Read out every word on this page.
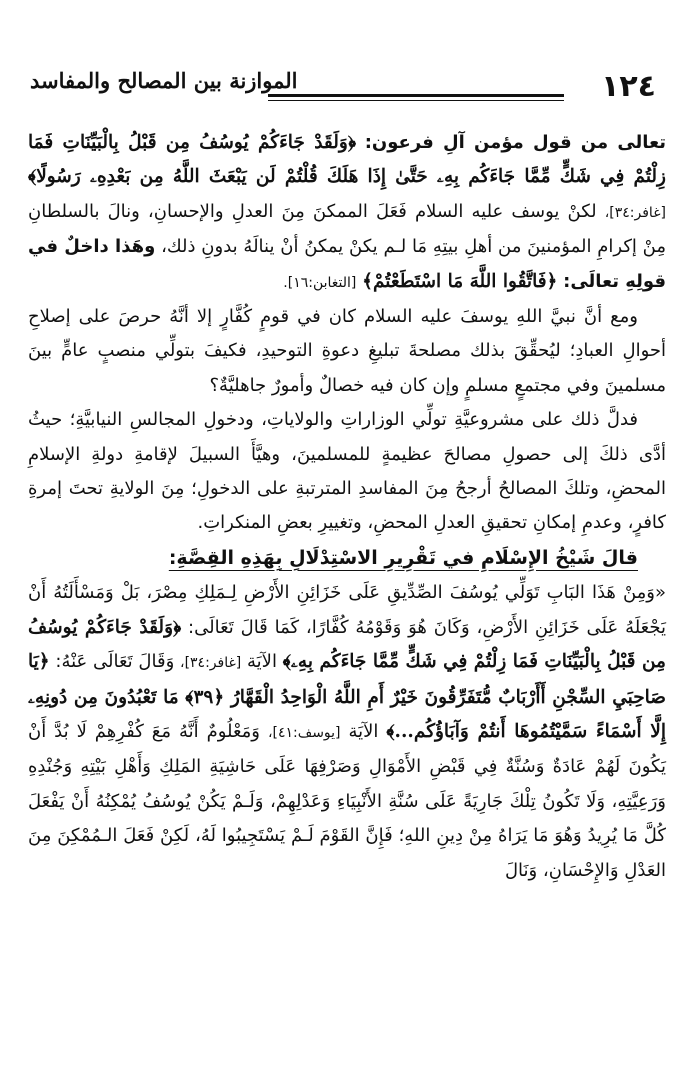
١٢٤
الموازنة بين المصالح والمفاسد

تعالى من قول مؤمن آلِ فرعون: ﴿وَلَقَدْ جَاءَكُمْ يُوسُفُ مِن قَبْلُ بِالْبَيِّنَاتِ فَمَا زِلْتُمْ فِي شَكٍّ مِّمَّا جَاءَكُم بِهِۦ حَتَّىٰ إِذَا هَلَكَ قُلْتُمْ لَن يَبْعَثَ اللَّهُ مِن بَعْدِهِۦ رَسُولًا﴾ [غافر:٣٤]، لكنْ يوسف عليه السلام فَعَلَ الممكنَ مِنَ العدلِ والإحسانِ، ونالَ بالسلطانِ مِنْ إكرامِ المؤمنينَ من أهلِ بيتِهِ مَا لـم يكنْ يمكنُ أنْ ينالَهُ بدونِ ذلك، وهَذا داخلٌ في قولِهِ تعالَى: ﴿فَاتَّقُوا اللَّهَ مَا اسْتَطَعْتُمْ﴾ [التغابن:١٦].

ومع أنَّ نبيَّ اللهِ يوسفَ عليه السلام كان في قومٍ كُفَّارٍ إلا أنَّهُ حرصَ على إصلاحِ أحوالِ العبادِ؛ ليُحقِّقَ بذلك مصلحةَ تبليغِ دعوةِ التوحيدِ، فكيفَ بتولِّي منصبٍ عامٍّ بينَ مسلمينَ وفي مجتمعٍ مسلمٍ وإن كان فيه خصالٌ وأمورٌ جاهليَّةٌ؟

فدلَّ ذلك على مشروعيَّةِ تولِّي الوزاراتِ والولاياتِ، ودخولِ المجالسِ النيابيَّةِ؛ حيثُ أدَّى ذلكَ إلى حصولِ مصالحَ عظيمةٍ للمسلمينَ، وهيَّأَ السبيلَ لإقامةِ دولةِ الإسلامِ المحضِ، وتلكَ المصالحُ أرجحُ مِنَ المفاسدِ المترتبةِ على الدخولِ؛ مِنَ الولايةِ تحتَ إمرةِ كافرٍ، وعدمِ إمكانِ تحقيقِ العدلِ المحضِ، وتغييرِ بعضِ المنكراتِ.

قالَ شَيْخُ الإِسْلَامِ في تَقْرِيرِ الاسْتِدْلَالِ بِهَذِهِ القِصَّةِ:

«وَمِنْ هَذَا البَابِ تَوَلِّي يُوسُفَ الصِّدِّيقِ عَلَى خَزَائِنِ الأَرْضِ لِـمَلِكِ مِصْرَ، بَلْ وَمَسْأَلَتُهُ أَنْ يَجْعَلَهُ عَلَى خَزَائِنِ الأَرْضِ، وَكَانَ هُوَ وَقَوْمُهُ كُفَّارًا، كَمَا قَالَ تَعَالَى: ﴿وَلَقَدْ جَاءَكُمْ يُوسُفُ مِن قَبْلُ بِالْبَيِّنَاتِ فَمَا زِلْتُمْ فِي شَكٍّ مِّمَّا جَاءَكُم بِهِۦ﴾ الآيَة [غافر:٣٤]، وَقَالَ تَعَالَى عَنْهُ: ﴿يَا صَاحِبَيِ السِّجْنِ أَأَرْبَابٌ مُّتَفَرِّقُونَ خَيْرٌ أَمِ اللَّهُ الْوَاحِدُ الْقَهَّارُ ﴿٣٩﴾ مَا تَعْبُدُونَ مِن دُونِهِۦ إِلَّا أَسْمَاءً سَمَّيْتُمُوهَا أَنتُمْ وَآبَاؤُكُم...﴾ الآيَة [يوسف:٤١]، وَمَعْلُومٌ أَنَّهُ مَعَ كُفْرِهِمْ لَا بُدَّ أَنْ يَكُونَ لَهُمْ عَادَةٌ وَسُنَّةٌ فِي قَبْضِ الأَمْوَالِ وَصَرْفِهَا عَلَى حَاشِيَةِ المَلِكِ وَأَهْلِ بَيْتِهِ وَجُنْدِهِ وَرَعِيَّتِهِ، وَلَا تَكُونُ تِلْكَ جَارِيَةً عَلَى سُنَّةِ الأَنْبِيَاءِ وَعَدْلِهِمْ، وَلَـمْ يَكُنْ يُوسُفُ يُمْكِنُهُ أَنْ يَفْعَلَ كُلَّ مَا يُرِيدُ وَهُوَ مَا يَرَاهُ مِنْ دِينِ اللهِ؛ فَإِنَّ القَوْمَ لَـمْ يَسْتَجِيبُوا لَهُ، لَكِنْ فَعَلَ الـمُمْكِنَ مِنَ العَدْلِ وَالإِحْسَانِ، وَنَالَ
